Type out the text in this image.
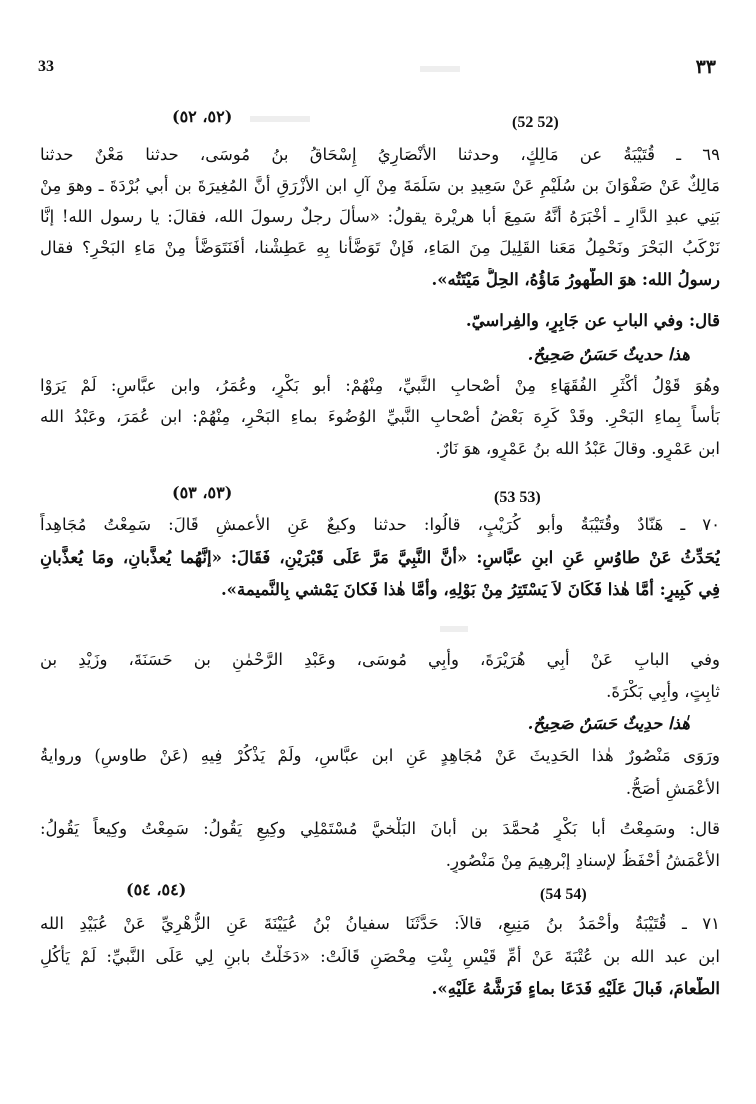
33	٣٣
(٥٢، ٥٢)	(52 52)
٦٩ ـ قُتَيْبَةُ عن مَالِكٍ، وحدثنا الأنْصَارِيُ إِسْحَاقُ بنُ مُوسَى، حدثنا مَعْنٌ حدثنا
مَالِكٌ عَنْ صَفْوَانَ بن سُلَيْمٍ عَنْ سَعِيدِ بن سَلَمَةَ مِنْ آلِ ابن الأزْرَقِ أنَّ المُغِيرَةَ بن أبي بُرْدَةَ ـ وهوَ مِنْ
بَنِي عبدِ الدَّارِ ـ أخْبَرَهُ أنَّهُ سَمِعَ أبا هريْرة يقولُ: «سأَلَ رجلٌ رسولَ الله، فقالَ: يا رسول الله! إنَّا
نَرْكَبُ البَحْرَ ونَحْمِلُ مَعَنا القَلِيلَ مِنَ المَاءِ، فَإنْ تَوَضَّأْنا بِهِ عَطِشْنا، أفَنَتَوَضَّأُ مِنْ مَاءِ البَحْرِ؟ فقال
رسولُ الله: هوَ الطَّهورُ مَاؤُهُ، الحِلُّ مَيْتَتُه».
قال: وفي البابِ عن جَابِرٍ، والفِراسيّ.
هذا حديثٌ حَسَنٌ صَحِيحٌ.
وهُوَ قَوْلُ أكْثَرِ الفُقَهَاءِ مِنْ أصْحابِ النَّبيِّ، مِنْهُمْ: أبو بَكْرٍ، وعُمَرُ، وابن عبَّاسٍ: لَمْ يَرَوْا
بَأساً بِماءِ البَحْرِ. وقَدْ كَرِهَ بَعْضُ أصْحابِ النَّبيِّ الوُضُوءَ بماءِ البَحْرِ، مِنْهُمْ: ابن عُمَرَ، وعَبْدُ الله
ابن عَمْرٍو. وقالَ عَبْدُ الله بنُ عَمْرٍو، هوَ نَارٌ.
(٥٣، ٥٣)	(53 53)
٧٠ ـ هَنّادٌ وقُتَيْبَةُ وأبو كُرَيْبٍ، قالُوا: حدثنا وكيعٌ عَنِ الأعمشِ قَالَ: سَمِعْتُ مُجَاهِداً
يُحَدِّثُ عَنْ طاوُسٍ عَنِ ابنِ عبَّاسٍ: «أنَّ النَّبِيَّ مَرَّ عَلَى قَبْرَيْنِ، فَقَالَ: «إنَّهُما يُعذَّبانِ، ومَا يُعذَّبانِ
فِي كَبِيرٍ: أمَّا هٰذا فَكَانَ لاَ يَسْتَتِرُ مِنْ بَوْلِهِ، وأمَّا هٰذا فَكانَ يَمْشي بِالنَّميمة».
وفي البابِ عَنْ أبِي هُرَيْرَةَ، وأبِي مُوسَى، وعَبْدِ الرَّحْمٰنِ بن حَسَنَةَ، وزَيْدِ بن
ثابِتٍ، وأبِي بَكْرَةَ.
هٰذا حدِيثٌ حَسَنٌ صَحِيحٌ.
ورَوَى مَنْصُورٌ هٰذا الحَدِيثَ عَنْ مُجَاهِدٍ عَنِ ابن عبَّاسٍ، ولَمْ يَذْكُرْ فِيهِ (عَنْ طاوسٍ) وروايةُ
الأعْمَشِ أصَحُّ.
قال: وسَمِعْتُ أبا بَكْرٍ مُحمَّدَ بن أبانَ البَلْخيَّ مُسْتَمْلِي وكِيعٍ يَقُولُ: سَمِعْتُ وكِيعاً يَقُولُ:
الأعْمَشُ أحْفَظُ لإسنادِ إبْرهِيمَ مِنْ مَنْصُورٍ.
(٥٤، ٥٤)	(54 54)
٧١ ـ قُتَيْبَةُ وأحْمَدُ بنُ مَنِيعٍ، قالاَ: حَدَّثَنَا سفيانُ بْنُ عُيَيْنَةَ عَنِ الزُّهْرِيِّ عَنْ عُبَيْدِ الله
ابن عبد الله بن عُتْبَةَ عَنْ أُمِّ قَيْسٍ بِنْتِ مِحْصَنٍ قَالَتْ: «دَخَلْتُ بابنٍ لِي عَلَى النَّبيِّ: لَمْ يَأْكُلِ
الطَّعامَ، فَبالَ عَلَيْهِ فَدَعَا بماءٍ فَرَشَّهُ عَلَيْهِ».
